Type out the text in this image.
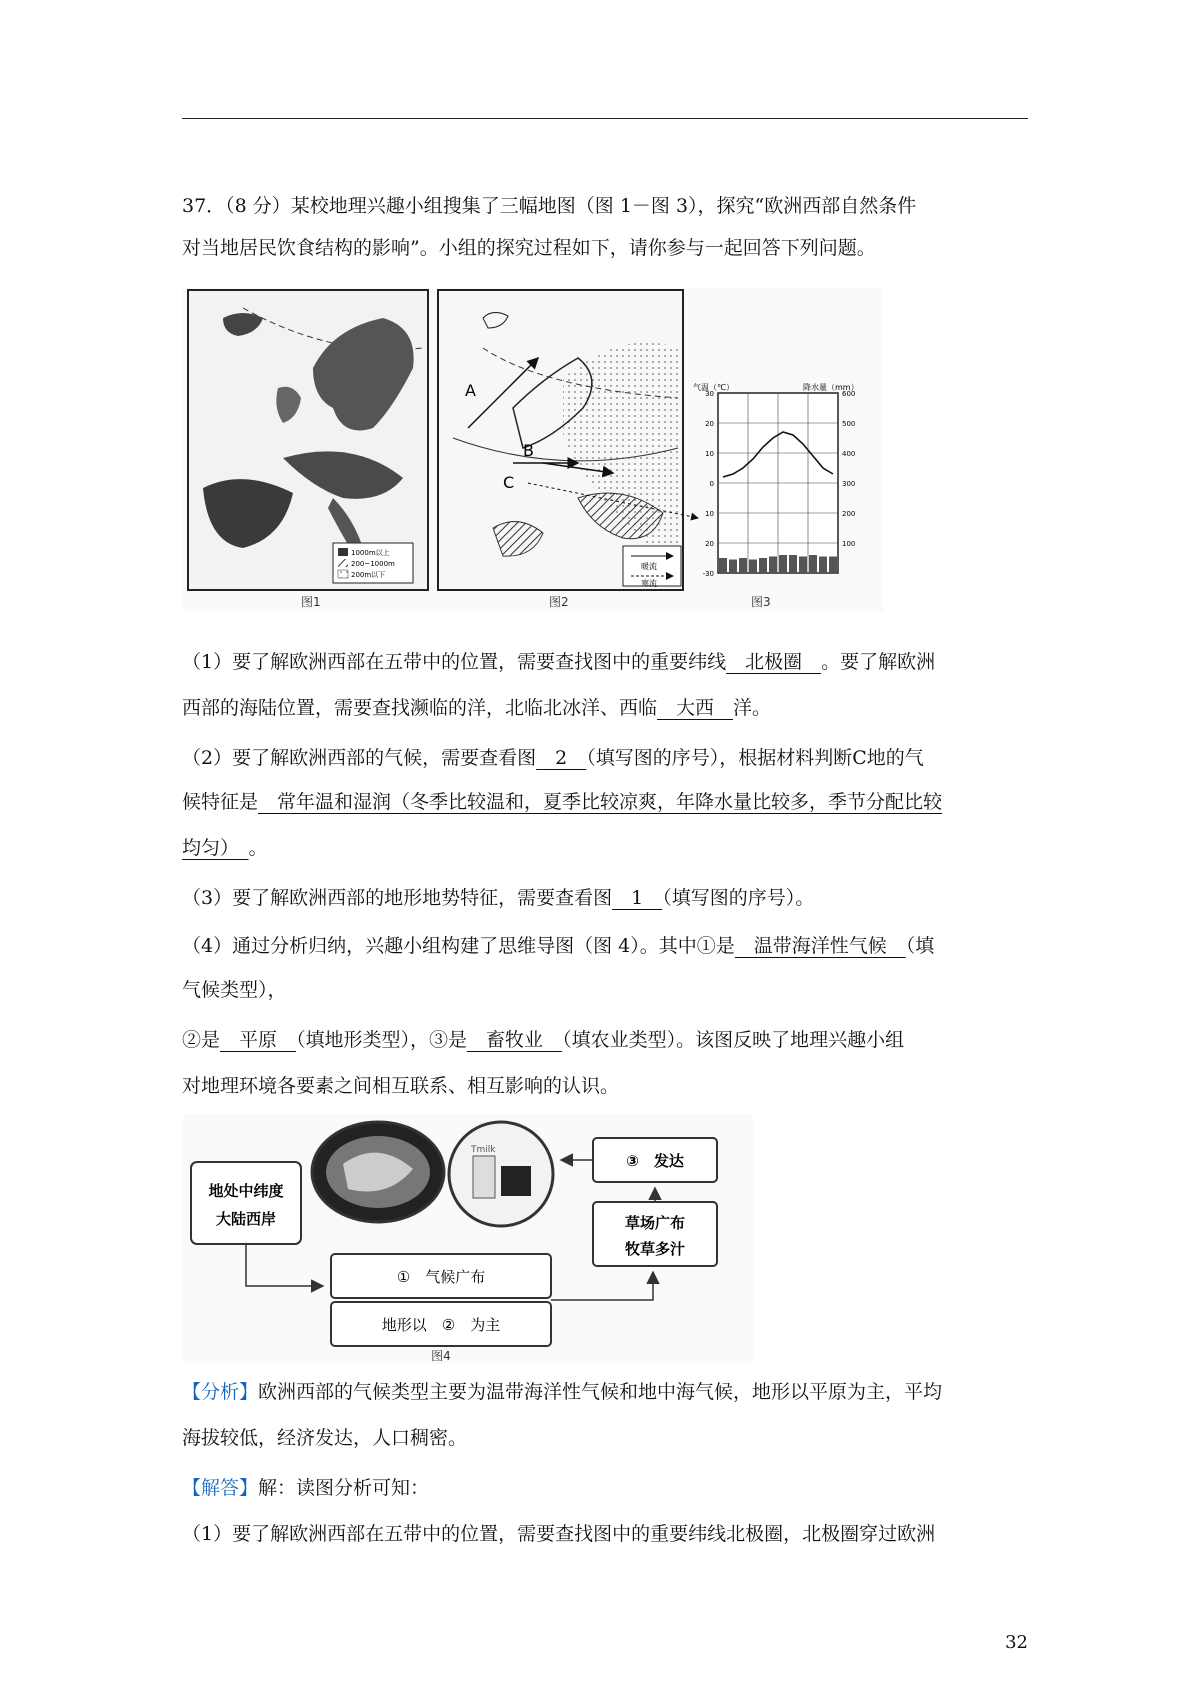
37．（8 分）某校地理兴趣小组搜集了三幅地图（图 1－图 3），探究“欧洲西部自然条件

对当地居民饮食结构的影响”。小组的探究过程如下，请你参与一起回答下列问题。

1000m以上
200~1000m
200m以下
图1
A
B
C
暖流
寒流
图2
气温（℃）	降水量（mm）
图3
30
20
10
0
10
20
-30
600
500
400
300
200
100

（1）要了解欧洲西部在五带中的位置，需要查找图中的重要纬线　北极圈　。要了解欧洲

西部的海陆位置，需要查找濒临的洋，北临北冰洋、西临　大西　洋。

（2）要了解欧洲西部的气候，需要查看图　2　（填写图的序号），根据材料判断C地的气

候特征是　常年温和湿润（冬季比较温和，夏季比较凉爽，年降水量比较多，季节分配比较

均匀）　。

（3）要了解欧洲西部的地形地势特征，需要查看图　1　（填写图的序号）。

（4）通过分析归纳，兴趣小组构建了思维导图（图 4）。其中①是　温带海洋性气候　（填

气候类型），

②是　平原　（填地形类型），③是　畜牧业　（填农业类型）。该图反映了地理兴趣小组

对地理环境各要素之间相互联系、相互影响的认识。

Tmilk
地处中纬度
大陆西岸
①　气候广布
地形以　②　为主
草场广布
牧草多汁
③　发达
图4

【分析】欧洲西部的气候类型主要为温带海洋性气候和地中海气候，地形以平原为主，平均

海拔较低，经济发达，人口稠密。

【解答】解：读图分析可知：

（1）要了解欧洲西部在五带中的位置，需要查找图中的重要纬线北极圈，北极圈穿过欧洲

32
